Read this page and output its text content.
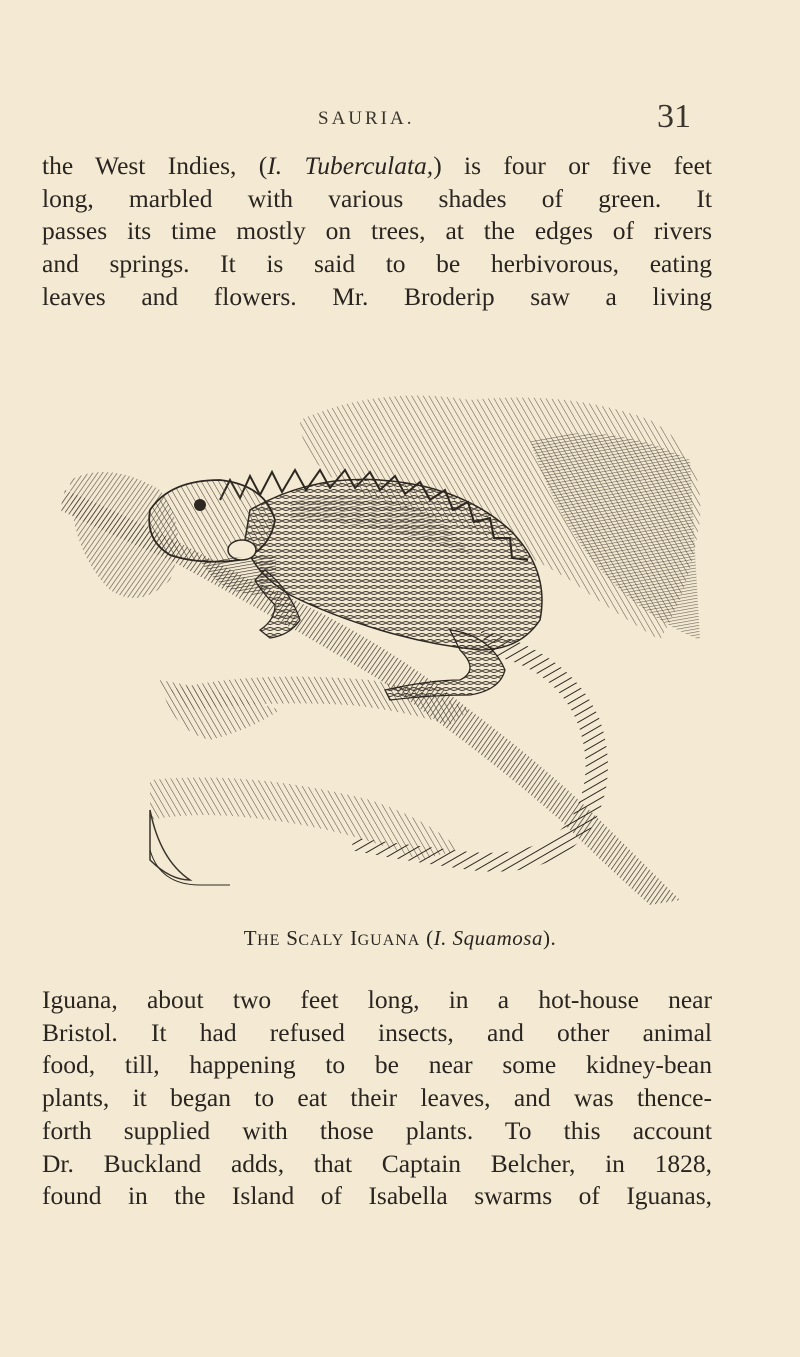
SAURIA.	31
the West Indies, (I. Tuberculata,) is four or five feet
long, marbled with various shades of green. It
passes its time mostly on trees, at the edges of rivers
and springs. It is said to be herbivorous, eating
leaves and flowers. Mr. Broderip saw a living
THE SCALY IGUANA (I. Squamosa).
Iguana, about two feet long, in a hot-house near
Bristol. It had refused insects, and other animal
food, till, happening to be near some kidney-bean
plants, it began to eat their leaves, and was thence-
forth supplied with those plants. To this account
Dr. Buckland adds, that Captain Belcher, in 1828,
found in the Island of Isabella swarms of Iguanas,
